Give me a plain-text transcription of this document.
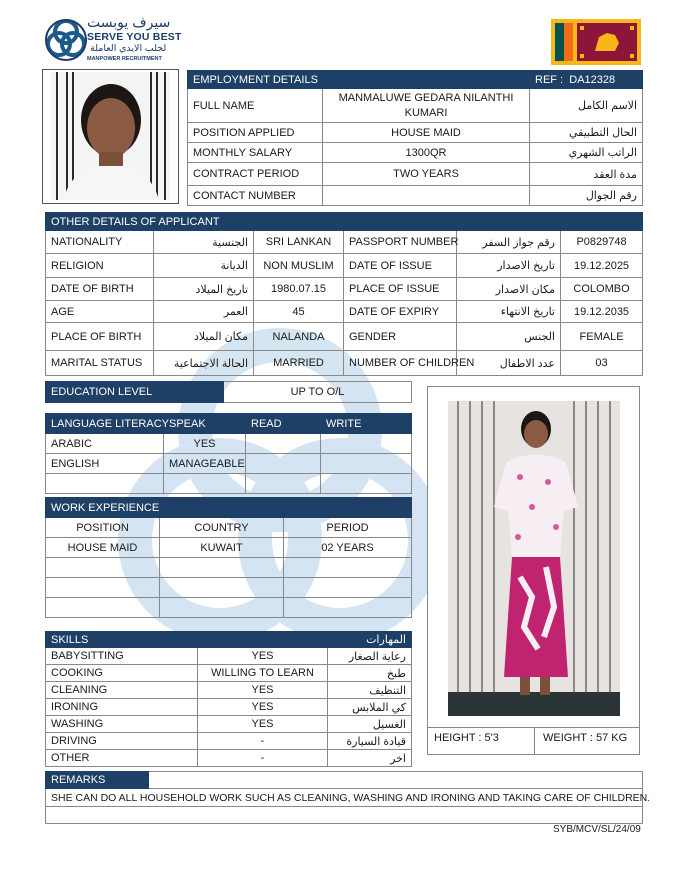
سيرف يوبست
SERVE YOU BEST
لجلب الايدي العاملة
MANPOWER RECRUITMENT
EMPLOYMENT DETAILS		REF : DA12328
FULL NAME	MANMALUWE GEDARA NILANTHI KUMARI	الاسم الكامل
POSITION APPLIED	HOUSE MAID	الحال التطبيقي
MONTHLY SALARY	1300QR	الراتب الشهري
CONTRACT PERIOD	TWO YEARS	مدة العقد
CONTACT NUMBER		رقم الجوال
OTHER DETAILS OF APPLICANT					
NATIONALITY	الجنسية	SRI LANKAN	PASSPORT NUMBER	رقم جواز السفر	P0829748
RELIGION	الديانة	NON MUSLIM	DATE OF ISSUE	تاريخ الاصدار	19.12.2025
DATE OF BIRTH	تاريخ الميلاد	1980.07.15	PLACE OF ISSUE	مكان الاصدار	COLOMBO
AGE	العمر	45	DATE OF EXPIRY	تاريخ الانتهاء	19.12.2035
PLACE OF BIRTH	مكان الميلاد	NALANDA	GENDER	الجنس	FEMALE
MARITAL STATUS	الحالة الاجتماعية	MARRIED	NUMBER OF CHILDREN	عدد الاطفال	03
EDUCATION LEVEL	UP TO O/L
LANGUAGE LITERACY	SPEAK	READ	WRITE
ARABIC	YES		
ENGLISH	MANAGEABLE		

WORK EXPERIENCE		
POSITION	COUNTRY	PERIOD
HOUSE MAID	KUWAIT	02 YEARS

SKILLS		المهارات
BABYSITTING	YES	رعاية الصغار
COOKING	WILLING TO LEARN	طبخ
CLEANING	YES	التنظيف
IRONING	YES	كي الملابس
WASHING	YES	الغسيل
DRIVING	-	قيادة السيارة
OTHER	-	اخر
HEIGHT : 5'3	WEIGHT : 57 KG
REMARKS	
SHE CAN DO ALL HOUSEHOLD WORK SUCH AS CLEANING, WASHING AND IRONING AND TAKING CARE OF CHILDREN.

SYB/MCV/SL/24/09
